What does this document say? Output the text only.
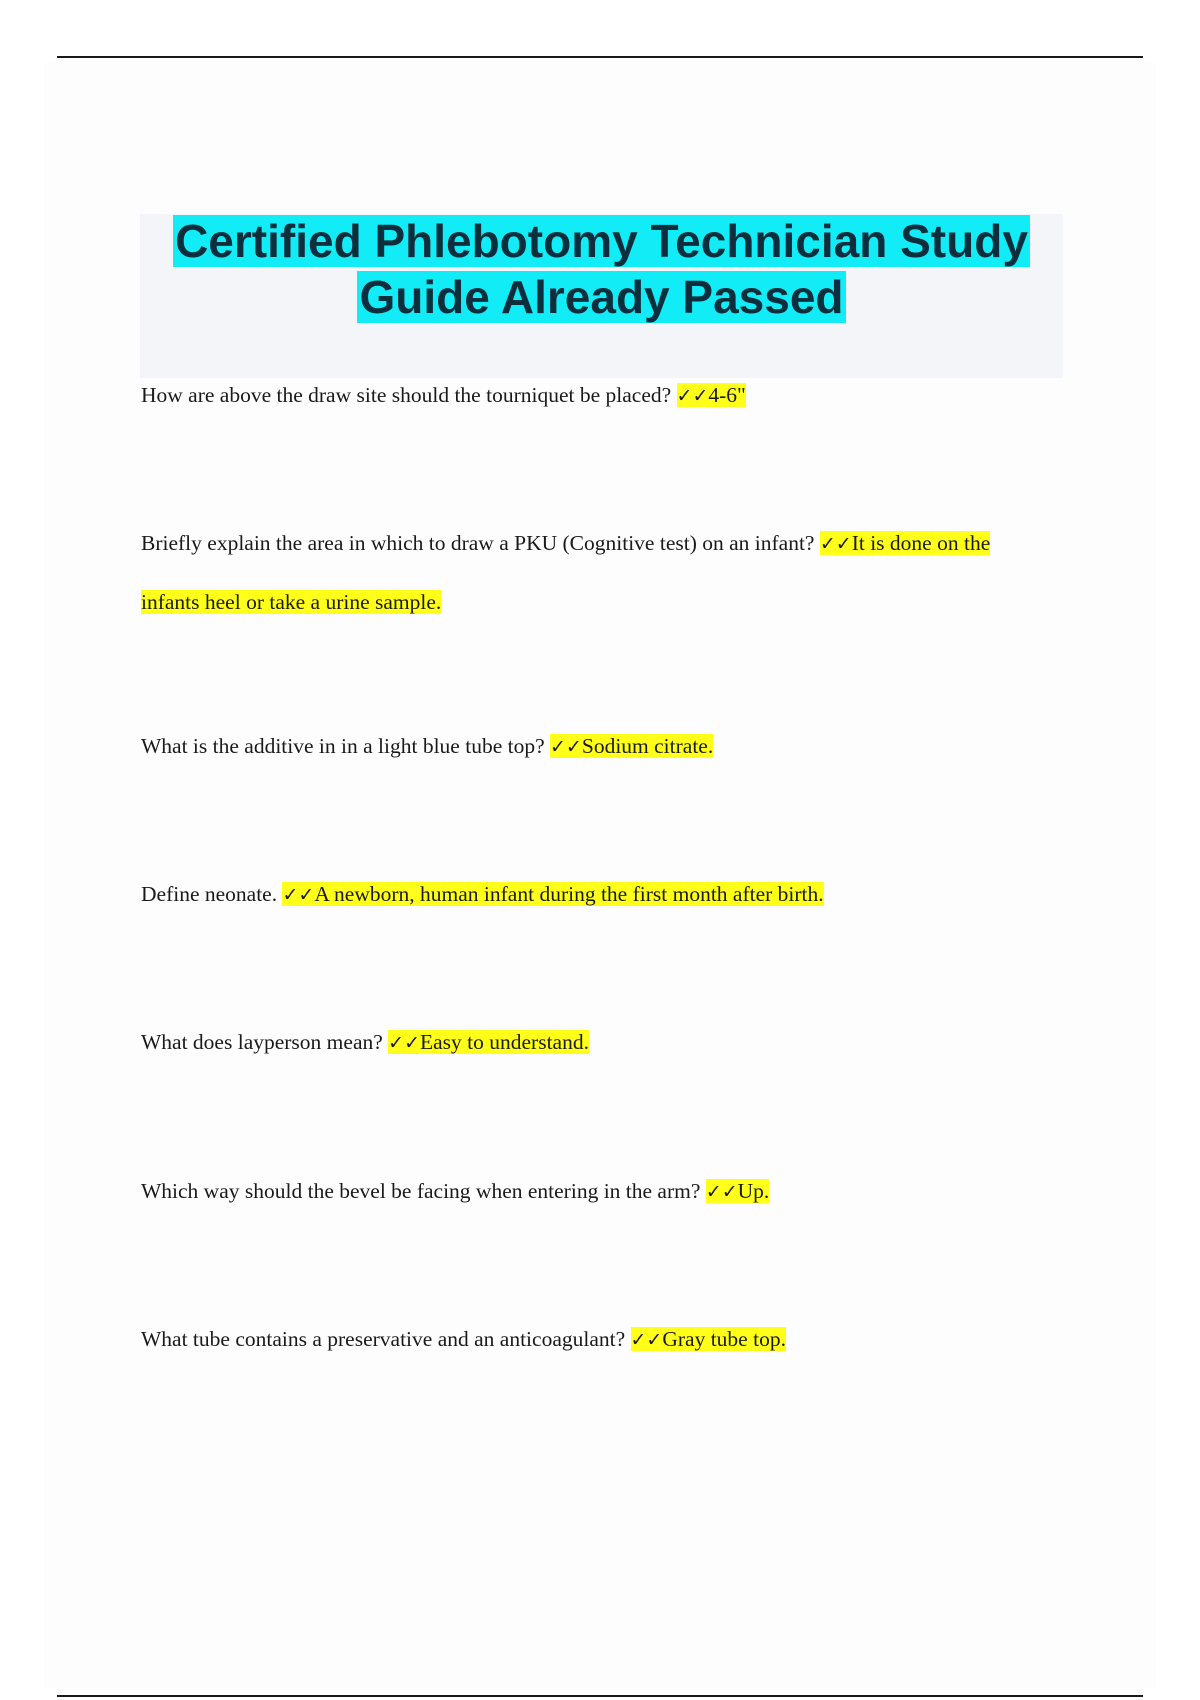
Certified Phlebotomy Technician Study
Guide Already Passed

How are above the draw site should the tourniquet be placed? ✓✓4-6"

Briefly explain the area in which to draw a PKU (Cognitive test) on an infant? ✓✓It is done on the infants heel or take a urine sample.

What is the additive in in a light blue tube top? ✓✓Sodium citrate.

Define neonate. ✓✓A newborn, human infant during the first month after birth.

What does layperson mean? ✓✓Easy to understand.

Which way should the bevel be facing when entering in the arm? ✓✓Up.

What tube contains a preservative and an anticoagulant? ✓✓Gray tube top.
